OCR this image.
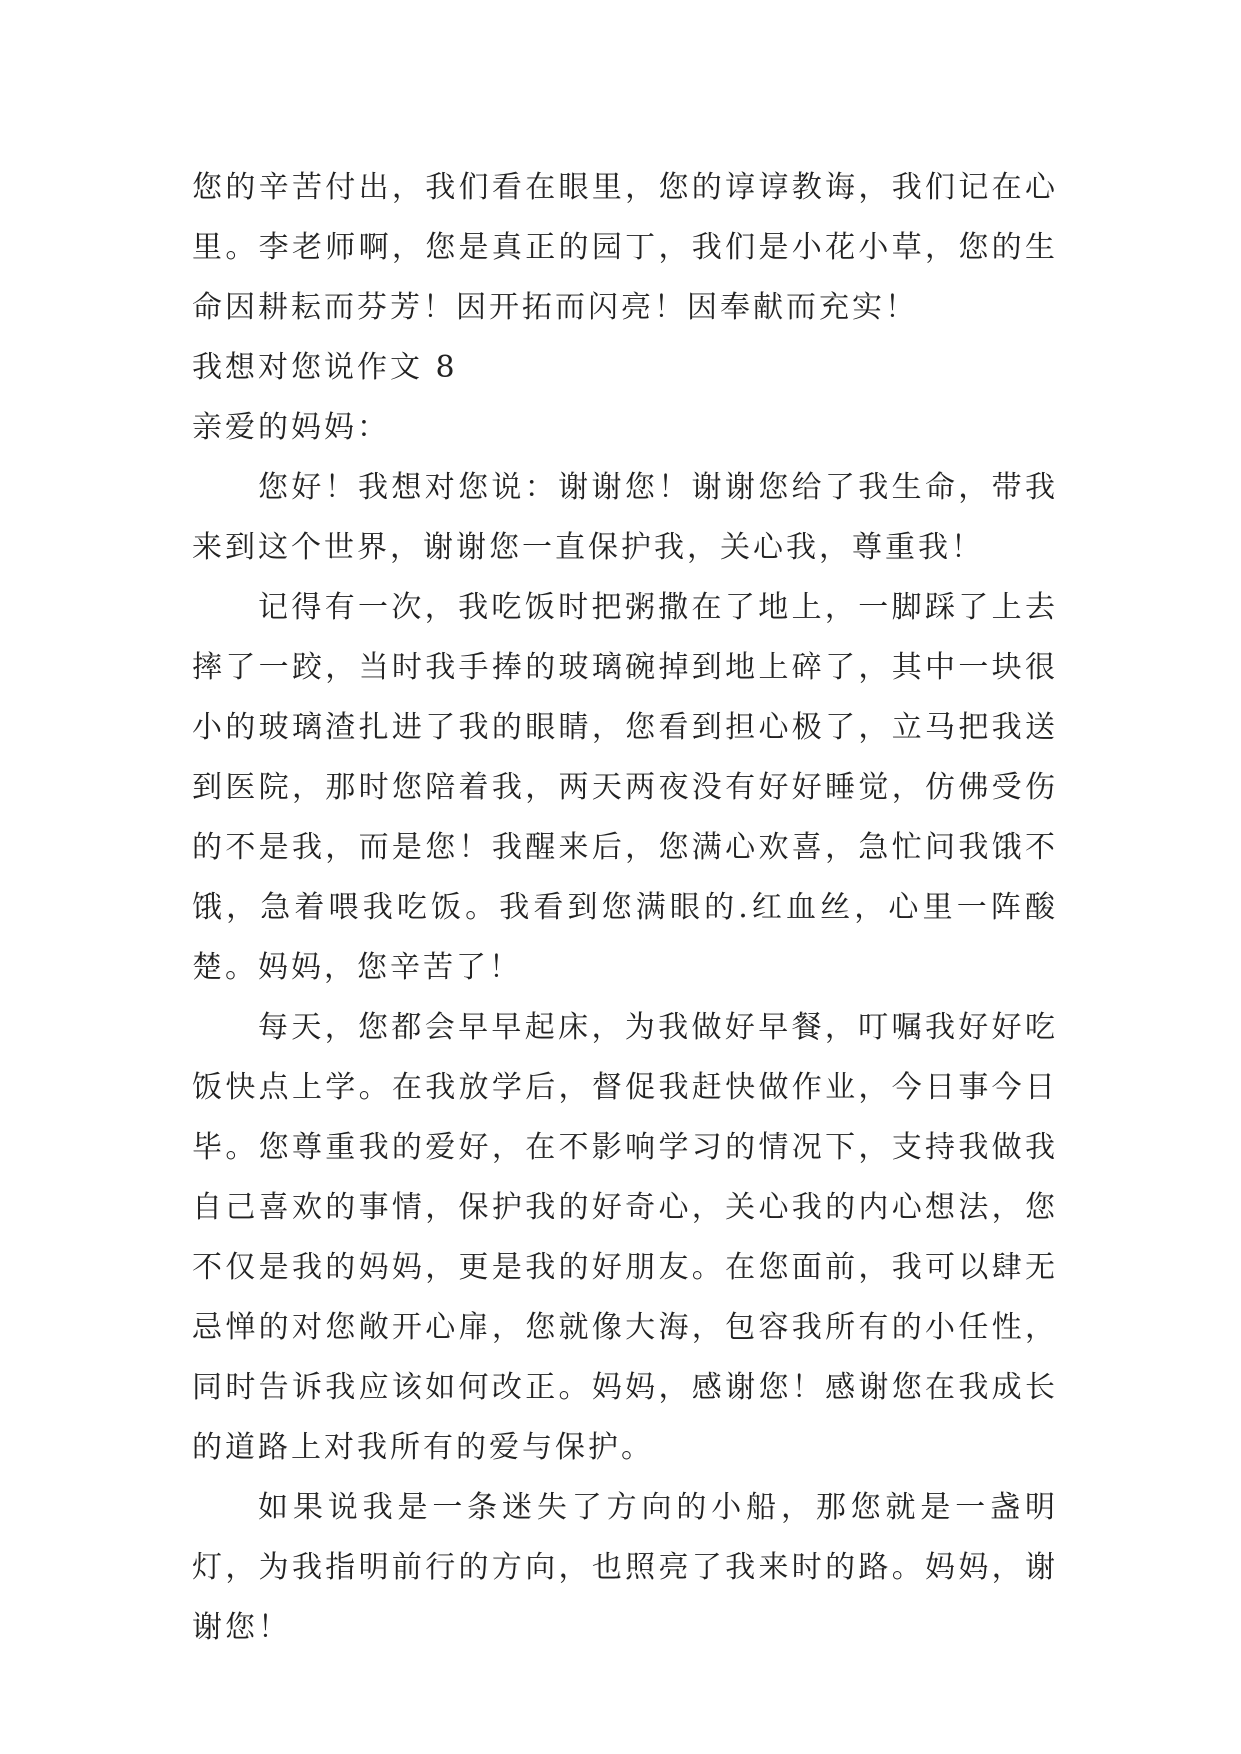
您的辛苦付出，我们看在眼里，您的谆谆教诲，我们记在心里。李老师啊，您是真正的园丁，我们是小花小草，您的生命因耕耘而芬芳！因开拓而闪亮！因奉献而充实！

我想对您说作文 8

亲爱的妈妈：

您好！我想对您说：谢谢您！谢谢您给了我生命，带我来到这个世界，谢谢您一直保护我，关心我，尊重我！

记得有一次，我吃饭时把粥撒在了地上，一脚踩了上去摔了一跤，当时我手捧的玻璃碗掉到地上碎了，其中一块很小的玻璃渣扎进了我的眼睛，您看到担心极了，立马把我送到医院，那时您陪着我，两天两夜没有好好睡觉，仿佛受伤的不是我，而是您！我醒来后，您满心欢喜，急忙问我饿不饿，急着喂我吃饭。我看到您满眼的.红血丝，心里一阵酸楚。妈妈，您辛苦了！

每天，您都会早早起床，为我做好早餐，叮嘱我好好吃饭快点上学。在我放学后，督促我赶快做作业，今日事今日毕。您尊重我的爱好，在不影响学习的情况下，支持我做我自己喜欢的事情，保护我的好奇心，关心我的内心想法，您不仅是我的妈妈，更是我的好朋友。在您面前，我可以肆无忌惮的对您敞开心扉，您就像大海，包容我所有的小任性，同时告诉我应该如何改正。妈妈，感谢您！感谢您在我成长的道路上对我所有的爱与保护。

如果说我是一条迷失了方向的小船，那您就是一盏明灯，为我指明前行的方向，也照亮了我来时的路。妈妈，谢谢您！
